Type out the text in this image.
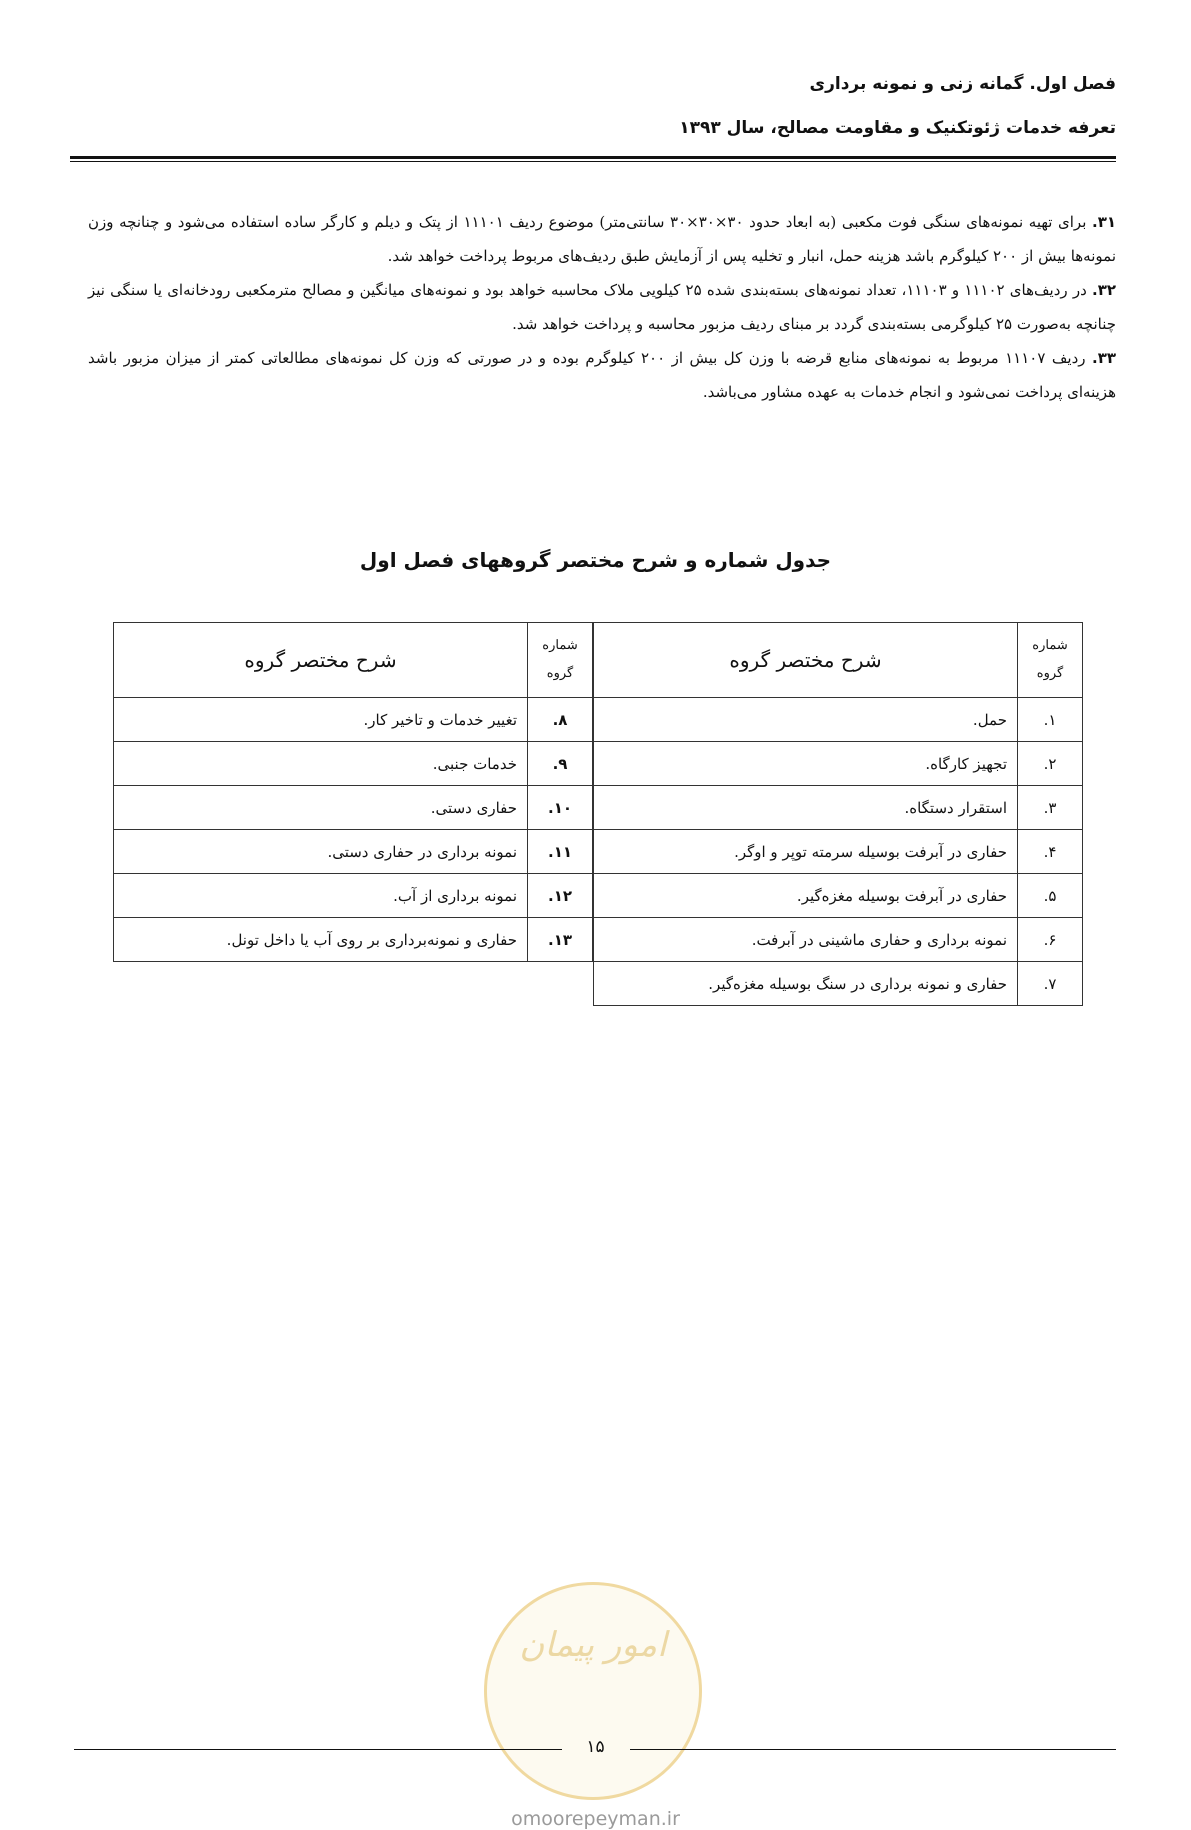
فصل اول. گمانه زنی و نمونه برداری
تعرفه خدمات ژئوتکنیک و مقاومت مصالح، سال ۱۳۹۳

۳۱. برای تهیه نمونه‌های سنگی فوت مکعبی (به ابعاد حدود ۳۰×۳۰×۳۰ سانتی‌متر) موضوع ردیف ۱۱۱۰۱ از پتک و دیلم و کارگر ساده استفاده می‌شود و چنانچه وزن نمونه‌ها بیش از ۲۰۰ کیلوگرم باشد هزینه حمل، انبار و تخلیه پس از آزمایش طبق ردیف‌های مربوط پرداخت خواهد شد.

۳۲. در ردیف‌های ۱۱۱۰۲ و ۱۱۱۰۳، تعداد نمونه‌های بسته‌بندی شده ۲۵ کیلویی ملاک محاسبه خواهد بود و نمونه‌های میانگین و مصالح مترمکعبی رودخانه‌ای یا سنگی نیز چنانچه به‌صورت ۲۵ کیلوگرمی بسته‌بندی گردد بر مبنای ردیف مزبور محاسبه و پرداخت خواهد شد.

۳۳. ردیف ۱۱۱۰۷ مربوط به نمونه‌های منابع قرضه با وزن کل بیش از ۲۰۰ کیلوگرم بوده و در صورتی که وزن کل نمونه‌های مطالعاتی کمتر از میزان مزبور باشد هزینه‌ای پرداخت نمی‌شود و انجام خدمات به عهده مشاور می‌باشد.

جدول شماره و شرح مختصر گروههای فصل اول
شماره گروه	شرح مختصر گروه
۱.	حمل.
۲.	تجهیز کارگاه.
۳.	استقرار دستگاه.
۴.	حفاری در آبرفت بوسیله سرمته توپر و اوگر.
۵.	حفاری در آبرفت بوسیله مغزه‌گیر.
۶.	نمونه برداری و حفاری ماشینی در آبرفت.
۷.	حفاری و نمونه برداری در سنگ بوسیله مغزه‌گیر.
شماره گروه	شرح مختصر گروه
۸.	تغییر خدمات و تاخیر کار.
۹.	خدمات جنبی.
۱۰.	حفاری دستی.
۱۱.	نمونه برداری در حفاری دستی.
۱۲.	نمونه برداری از آب.
۱۳.	حفاری و نمونه‌برداری بر روی آب یا داخل تونل.
امور پیمان
۱۵
omoorepeyman.ir
